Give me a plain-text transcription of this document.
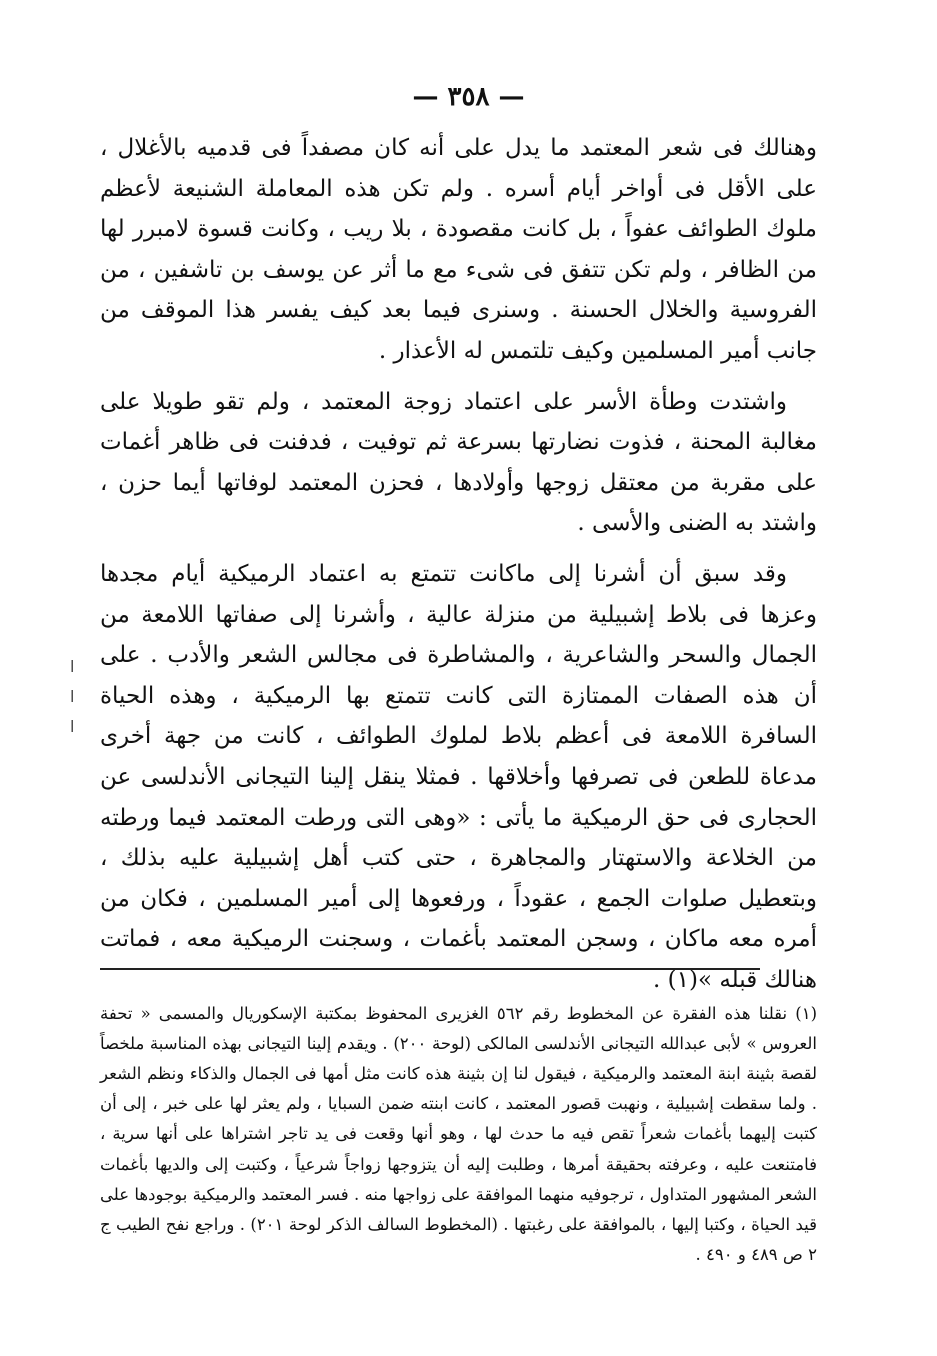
— ٣٥٨ —

وهنالك فى شعر المعتمد ما يدل على أنه كان مصفداً فى قدميه بالأغلال ، على الأقل فى أواخر أيام أسره . ولم تكن هذه المعاملة الشنيعة لأعظم ملوك الطوائف عفواً ، بل كانت مقصودة ، بلا ريب ، وكانت قسوة لامبرر لها من الظافر ، ولم تكن تتفق فى شىء مع ما أثر عن يوسف بن تاشفين ، من الفروسية والخلال الحسنة . وسنرى فيما بعد كيف يفسر هذا الموقف من جانب أمير المسلمين وكيف تلتمس له الأعذار .

واشتدت وطأة الأسر على اعتماد زوجة المعتمد ، ولم تقو طويلا على مغالبة المحنة ، فذوت نضارتها بسرعة ثم توفيت ، فدفنت فى ظاهر أغمات على مقربة من معتقل زوجها وأولادها ، فحزن المعتمد لوفاتها أيما حزن ، واشتد به الضنى والأسى .

وقد سبق أن أشرنا إلى ماكانت تتمتع به اعتماد الرميكية أيام مجدها وعزها فى بلاط إشبيلية من منزلة عالية ، وأشرنا إلى صفاتها اللامعة من الجمال والسحر والشاعرية ، والمشاطرة فى مجالس الشعر والأدب . على أن هذه الصفات الممتازة التى كانت تتمتع بها الرميكية ، وهذه الحياة السافرة اللامعة فى أعظم بلاط لملوك الطوائف ، كانت من جهة أخرى مدعاة للطعن فى تصرفها وأخلاقها . فمثلا ينقل إلينا التيجانى الأندلسى عن الحجارى فى حق الرميكية ما يأتى : «وهى التى ورطت المعتمد فيما ورطته من الخلاعة والاستهتار والمجاهرة ، حتى كتب أهل إشبيلية عليه بذلك ، وبتعطيل صلوات الجمع ، عقوداً ، ورفعوها إلى أمير المسلمين ، فكان من أمره معه ماكان ، وسجن المعتمد بأغمات ، وسجنت الرميكية معه ، فماتت هنالك قبله »(١) .

ا ا ا

(١) نقلنا هذه الفقرة عن المخطوط رقم ٥٦٢ الغزيرى المحفوظ بمكتبة الإسكوريال والمسمى « تحفة العروس » لأبى عبدالله التيجانى الأندلسى المالكى (لوحة ٢٠٠) . ويقدم إلينا التيجانى بهذه المناسبة ملخصاً لقصة بثينة ابنة المعتمد والرميكية ، فيقول لنا إن بثينة هذه كانت مثل أمها فى الجمال والذكاء ونظم الشعر . ولما سقطت إشبيلية ، ونهبت قصور المعتمد ، كانت ابنته ضمن السبايا ، ولم يعثر لها على خبر ، إلى أن كتبت إليهما بأغمات شعراً تقص فيه ما حدث لها ، وهو أنها وقعت فى يد تاجر اشتراها على أنها سرية ، فامتنعت عليه ، وعرفته بحقيقة أمرها ، وطلبت إليه أن يتزوجها زواجاً شرعياً ، وكتبت إلى والديها بأغمات الشعر المشهور المتداول ، ترجوفيه منهما الموافقة على زواجها منه . فسر المعتمد والرميكية بوجودها على قيد الحياة ، وكتبا إليها ، بالموافقة على رغبتها . (المخطوط السالف الذكر لوحة ٢٠١) . وراجع نفح الطيب ج ٢ ص ٤٨٩ و ٤٩٠ .
